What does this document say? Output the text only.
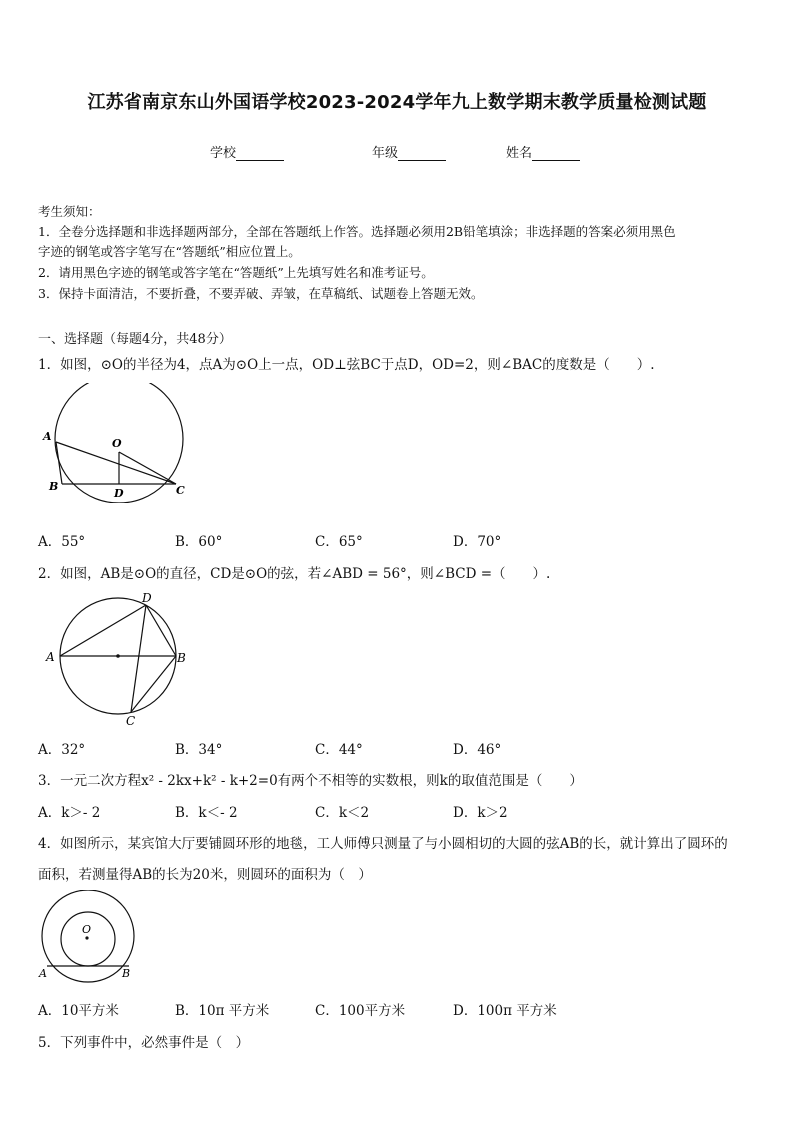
江苏省南京东山外国语学校2023-2024学年九上数学期末教学质量检测试题
学校	年级	姓名
考生须知：
1．全卷分选择题和非选择题两部分，全部在答题纸上作答。选择题必须用2B铅笔填涂；非选择题的答案必须用黑色
字迹的钢笔或答字笔写在“答题纸”相应位置上。
2．请用黑色字迹的钢笔或答字笔在“答题纸”上先填写姓名和准考证号。
3．保持卡面清洁，不要折叠，不要弄破、弄皱，在草稿纸、试题卷上答题无效。
一、选择题（每题4分，共48分）
1．如图，⊙O的半径为4，点A为⊙O上一点，OD⊥弦BC于点D，OD=2，则∠BAC的度数是（　　）.
A
O
B
D	C
A．55°	B．60°	C．65°	D．70°
2．如图，AB是⊙O的直径，CD是⊙O的弦，若∠ABD = 56°，则∠BCD =（　　）.
D
A	B
C
A．32°	B．34°	C．44°	D．46°
3．一元二次方程x² - 2kx+k² - k+2=0有两个不相等的实数根，则k的取值范围是（　　）
A．k＞- 2	B．k＜- 2	C．k＜2	D．k＞2
4．如图所示，某宾馆大厅要铺圆环形的地毯，工人师傅只测量了与小圆相切的大圆的弦AB的长，就计算出了圆环的
面积，若测量得AB的长为20米，则圆环的面积为（　）
O
A	B
A．10平方米	B．10π 平方米	C．100平方米	D．100π 平方米
5．下列事件中，必然事件是（　）
